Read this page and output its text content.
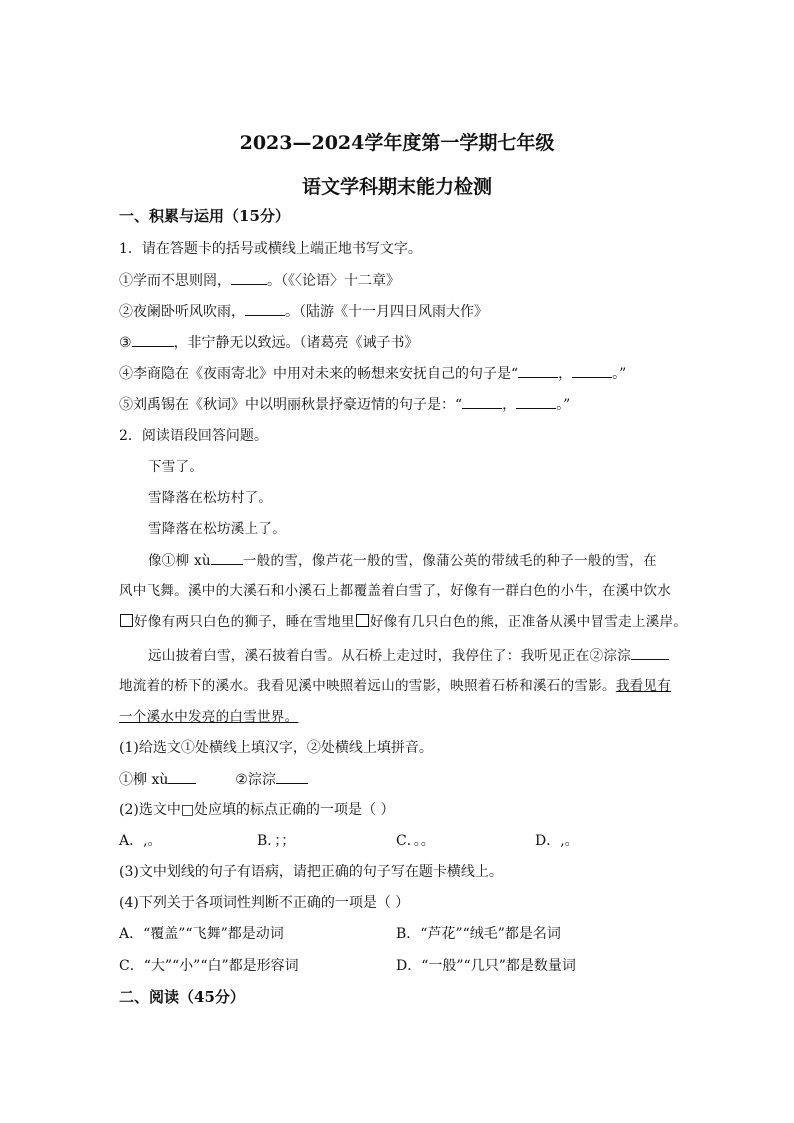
2023—2024学年度第一学期七年级
语文学科期末能力检测
一、积累与运用（15分）
1．请在答题卡的括号或横线上端正地书写文字。
①学而不思则罔，	。（《〈论语〉十二章》
②夜阑卧听风吹雨，	。（陆游《十一月四日风雨大作》
③	，非宁静无以致远。（诸葛亮《诫子书》
④李商隐在《夜雨寄北》中用对未来的畅想来安抚自己的句子是“	，	。”
⑤刘禹锡在《秋词》中以明丽秋景抒豪迈情的句子是：“	，	。”
2．阅读语段回答问题。
下雪了。
雪降落在松坊村了。
雪降落在松坊溪上了。
像①柳 xù 一般的雪，像芦花一般的雪，像蒲公英的带绒毛的种子一般的雪，在
风中飞舞。溪中的大溪石和小溪石上都覆盖着白雪了，好像有一群白色的小牛，在溪中饮水
好像有两只白色的狮子，睡在雪地里 好像有几只白色的熊，正准备从溪中冒雪走上溪岸。
远山披着白雪，溪石披着白雪。从石桥上走过时，我停住了：我听见正在②淙淙
地流着的桥下的溪水。我看见溪中映照着远山的雪影，映照着石桥和溪石的雪影。我看见有
一个溪水中发亮的白雪世界。
(1)给选文①处横线上填汉字，②处横线上填拼音。
①柳 xù	②淙淙
(2)选文中□处应填的标点正确的一项是（ ）
A．,。	B．；；	C．。。	D．,。
(3)文中划线的句子有语病，请把正确的句子写在题卡横线上。
(4)下列关于各项词性判断不正确的一项是（ ）
A．“覆盖”“飞舞”都是动词	B．“芦花”“绒毛”都是名词
C．“大”“小”“白”都是形容词	D．“一般”“几只”都是数量词
二、阅读（45分）
